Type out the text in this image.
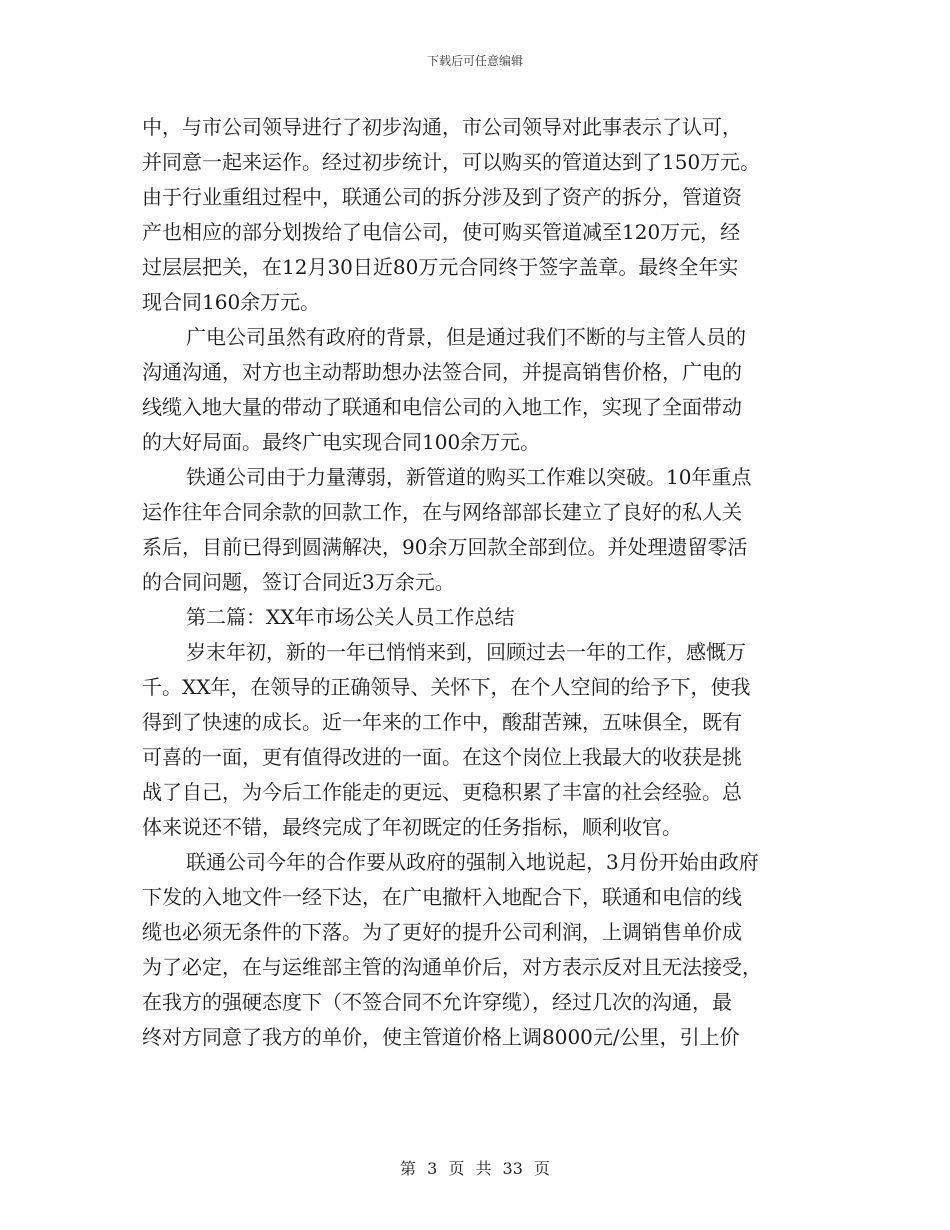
下载后可任意编辑
中，与市公司领导进行了初步沟通，市公司领导对此事表示了认可，
并同意一起来运作。经过初步统计，可以购买的管道达到了150万元。
由于行业重组过程中，联通公司的拆分涉及到了资产的拆分，管道资
产也相应的部分划拨给了电信公司，使可购买管道减至120万元，经
过层层把关，在12月30日近80万元合同终于签字盖章。最终全年实
现合同160余万元。
广电公司虽然有政府的背景，但是通过我们不断的与主管人员的
沟通沟通，对方也主动帮助想办法签合同，并提高销售价格，广电的
线缆入地大量的带动了联通和电信公司的入地工作，实现了全面带动
的大好局面。最终广电实现合同100余万元。
铁通公司由于力量薄弱，新管道的购买工作难以突破。10年重点
运作往年合同余款的回款工作，在与网络部部长建立了良好的私人关
系后，目前已得到圆满解决，90余万回款全部到位。并处理遗留零活
的合同问题，签订合同近3万余元。
第二篇：XX年市场公关人员工作总结
岁末年初，新的一年已悄悄来到，回顾过去一年的工作，感慨万
千。XX年，在领导的正确领导、关怀下，在个人空间的给予下，使我
得到了快速的成长。近一年来的工作中，酸甜苦辣，五味俱全，既有
可喜的一面，更有值得改进的一面。在这个岗位上我最大的收获是挑
战了自己，为今后工作能走的更远、更稳积累了丰富的社会经验。总
体来说还不错，最终完成了年初既定的任务指标，顺利收官。
联通公司今年的合作要从政府的强制入地说起，3月份开始由政府
下发的入地文件一经下达，在广电撤杆入地配合下，联通和电信的线
缆也必须无条件的下落。为了更好的提升公司利润，上调销售单价成
为了必定，在与运维部主管的沟通单价后，对方表示反对且无法接受，
在我方的强硬态度下（不签合同不允许穿缆），经过几次的沟通，最
终对方同意了我方的单价，使主管道价格上调8000元/公里，引上价
第 3 页 共 33 页
